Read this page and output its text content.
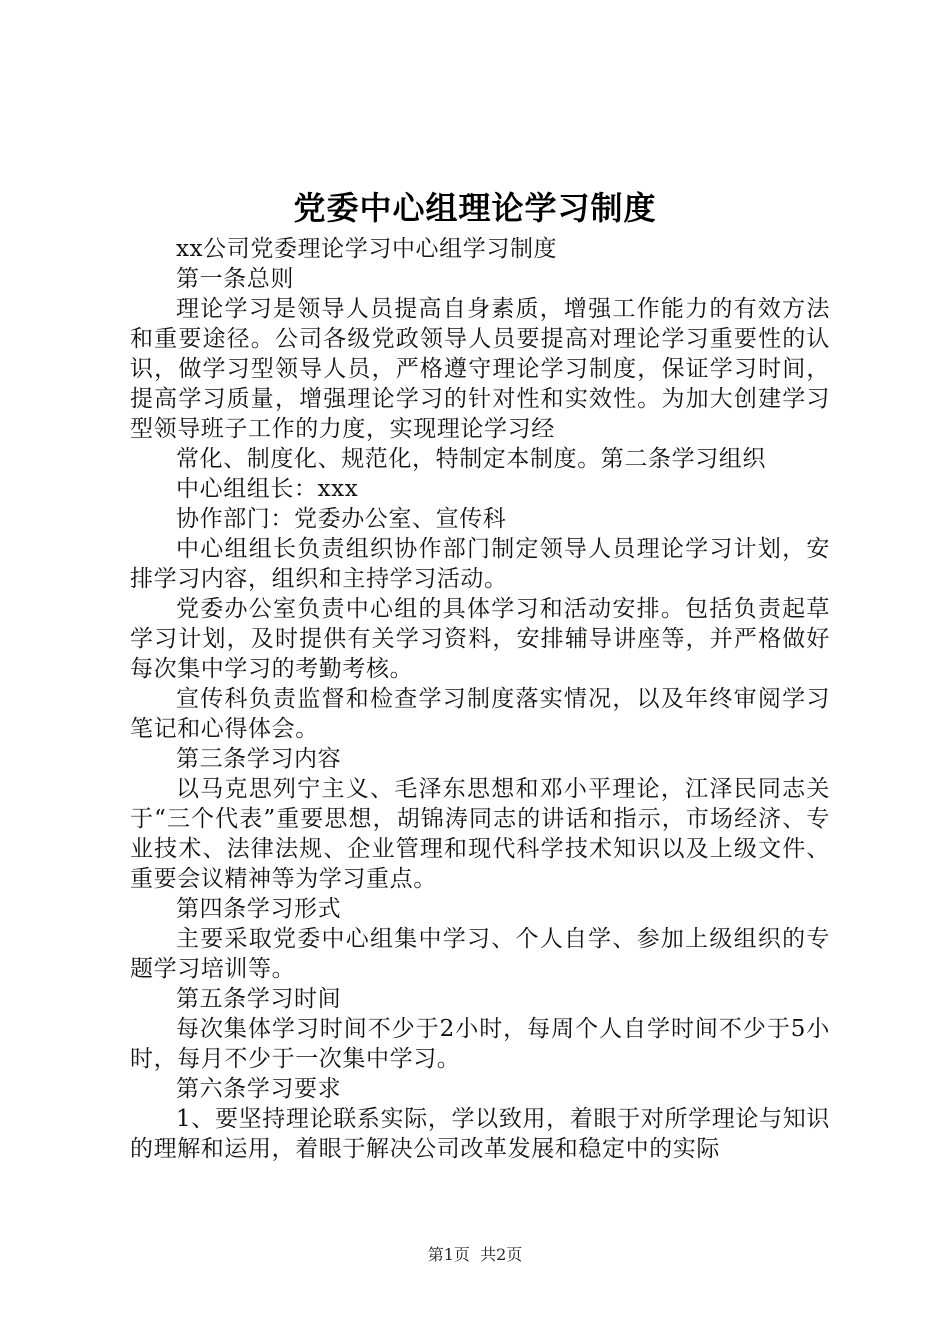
党委中心组理论学习制度

xx公司党委理论学习中心组学习制度

第一条总则

理论学习是领导人员提高自身素质，增强工作能力的有效方法和重要途径。公司各级党政领导人员要提高对理论学习重要性的认识，做学习型领导人员，严格遵守理论学习制度，保证学习时间，提高学习质量，增强理论学习的针对性和实效性。为加大创建学习型领导班子工作的力度，实现理论学习经

常化、制度化、规范化，特制定本制度。第二条学习组织

中心组组长：xxx

协作部门：党委办公室、宣传科

中心组组长负责组织协作部门制定领导人员理论学习计划，安排学习内容，组织和主持学习活动。

党委办公室负责中心组的具体学习和活动安排。包括负责起草学习计划，及时提供有关学习资料，安排辅导讲座等，并严格做好每次集中学习的考勤考核。

宣传科负责监督和检查学习制度落实情况，以及年终审阅学习笔记和心得体会。

第三条学习内容

以马克思列宁主义、毛泽东思想和邓小平理论，江泽民同志关于“三个代表”重要思想，胡锦涛同志的讲话和指示，市场经济、专业技术、法律法规、企业管理和现代科学技术知识以及上级文件、重要会议精神等为学习重点。

第四条学习形式

主要采取党委中心组集中学习、个人自学、参加上级组织的专题学习培训等。

第五条学习时间

每次集体学习时间不少于2小时，每周个人自学时间不少于5小时，每月不少于一次集中学习。

第六条学习要求

1、要坚持理论联系实际，学以致用，着眼于对所学理论与知识的理解和运用，着眼于解决公司改革发展和稳定中的实际

第1页 共2页
